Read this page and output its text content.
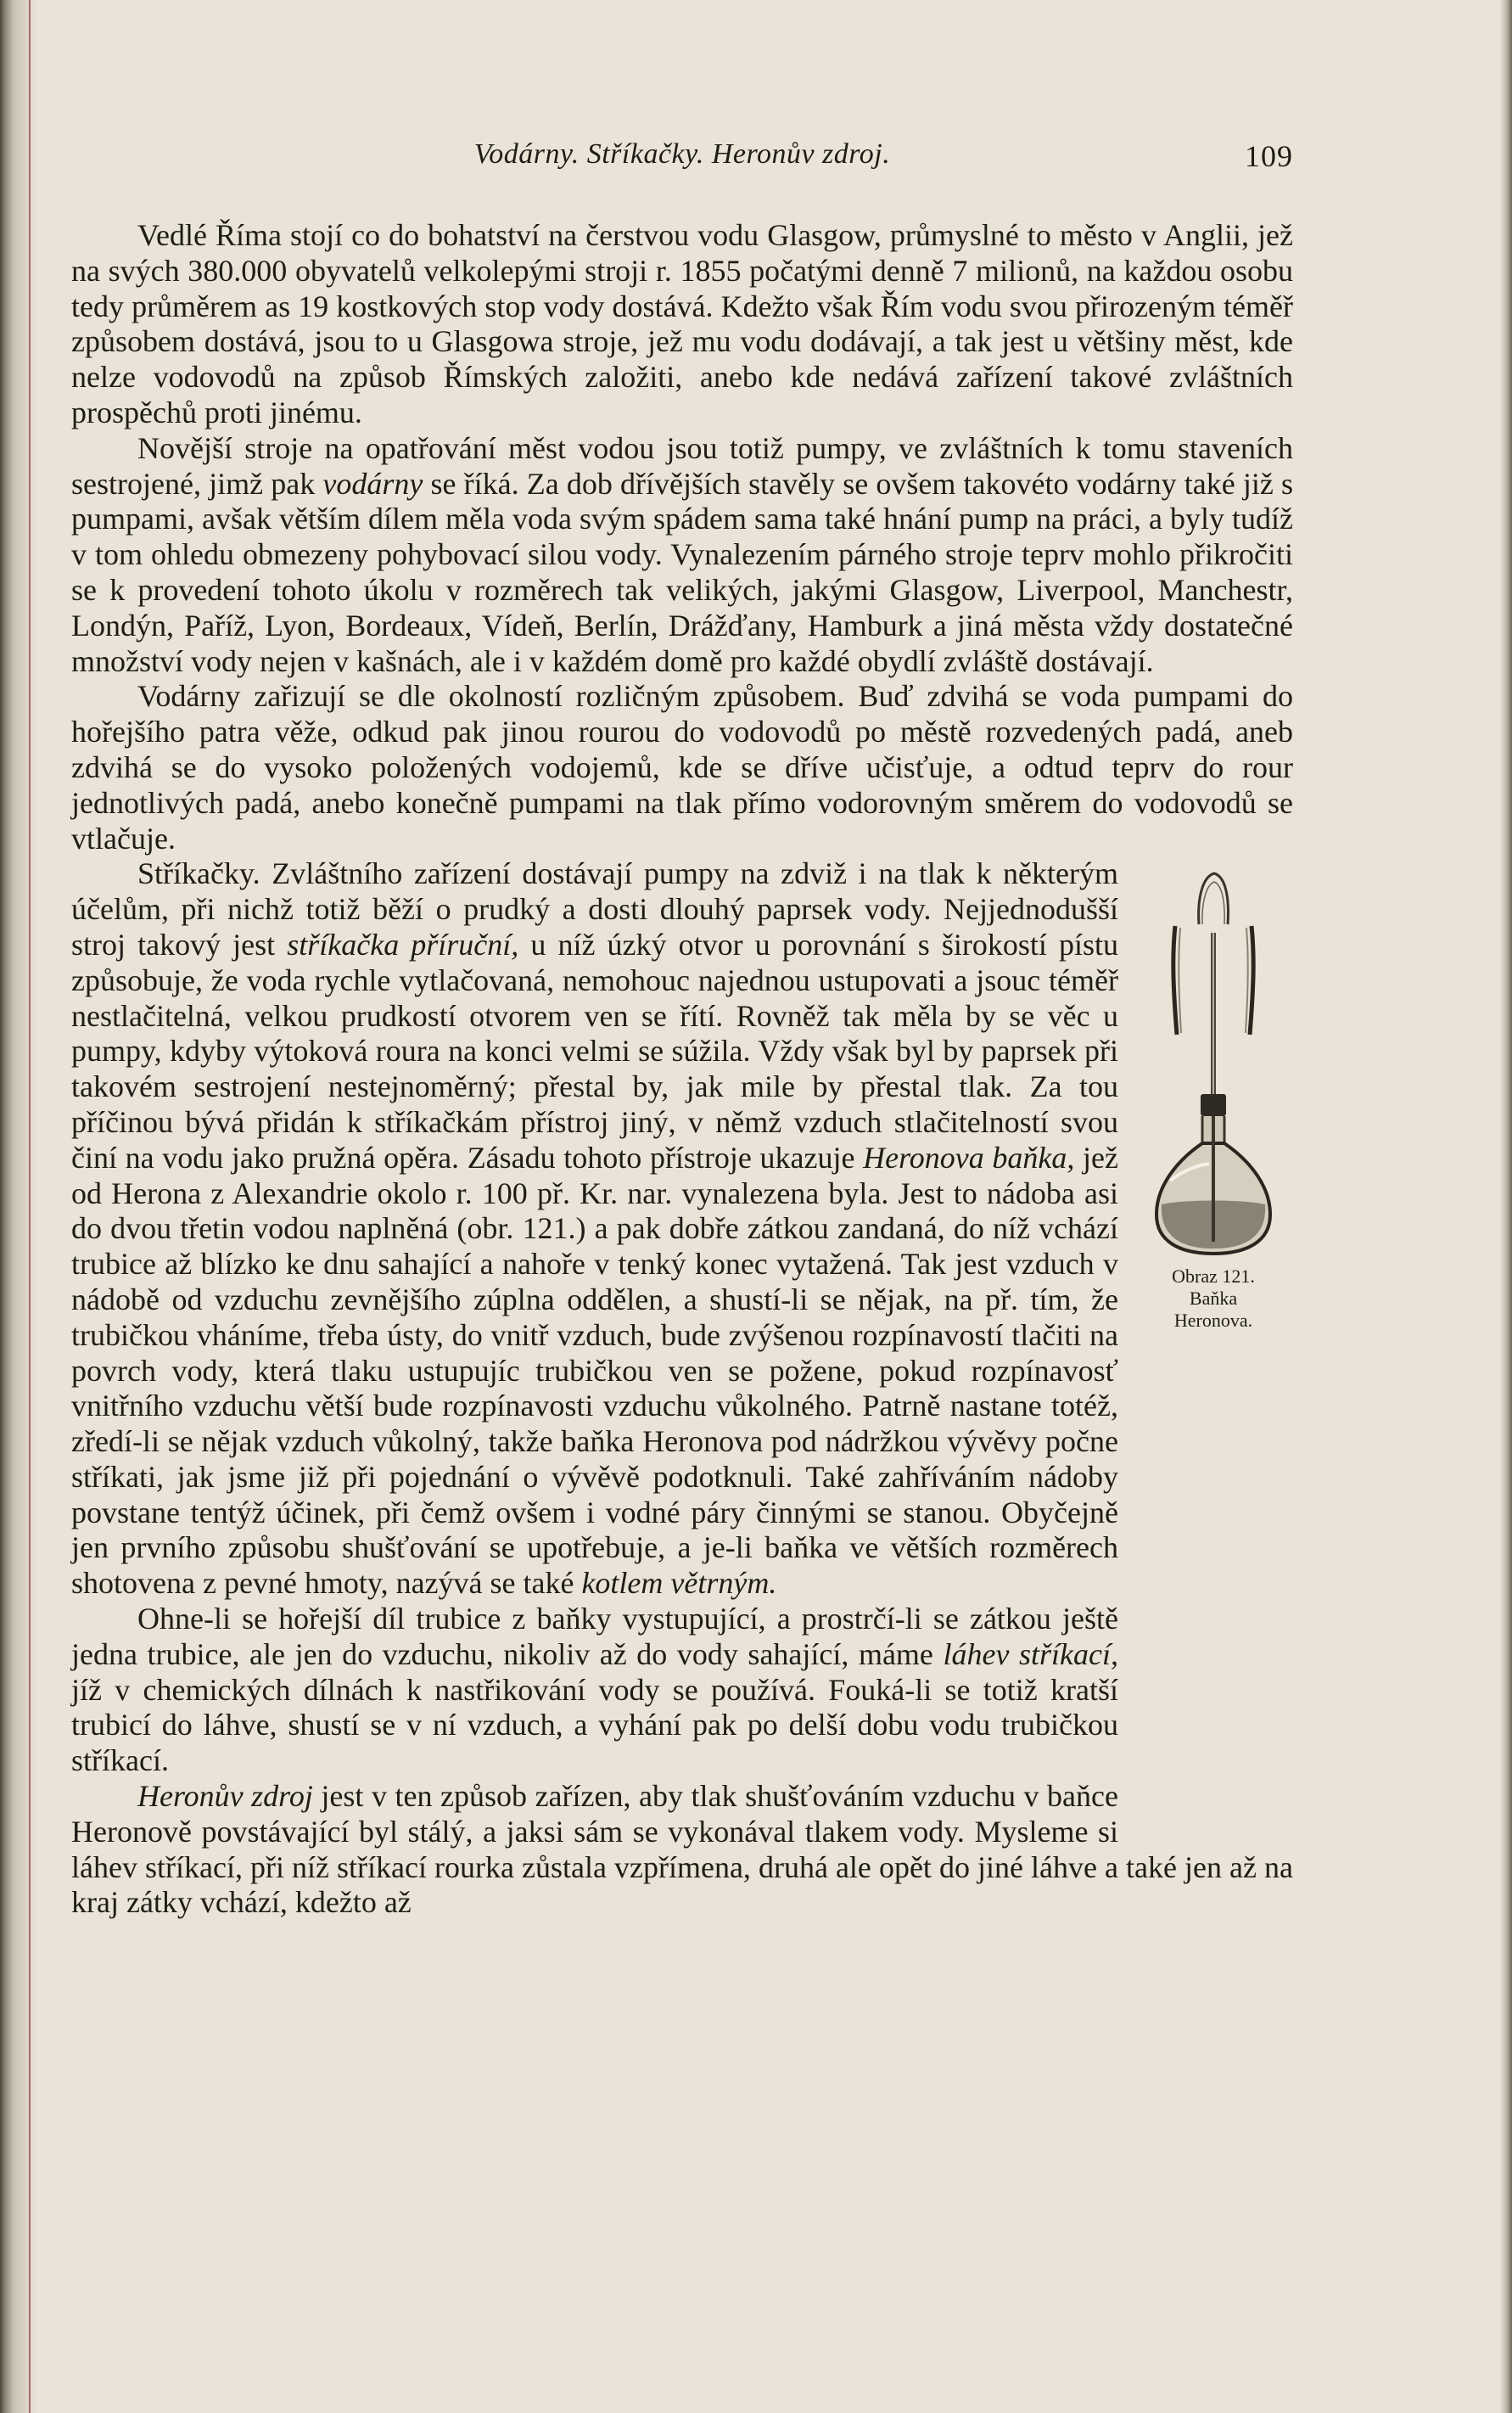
Vodárny. Stříkačky. Heronův zdroj.	109

Vedlé Říma stojí co do bohatství na čerstvou vodu Glasgow, průmyslné to město v Anglii, jež na svých 380.000 obyvatelů velkolepými stroji r. 1855 počatými denně 7 milionů, na každou osobu tedy průměrem as 19 kostkových stop vody dostává. Kdežto však Řím vodu svou přirozeným téměř způsobem dostává, jsou to u Glasgowa stroje, jež mu vodu dodávají, a tak jest u většiny měst, kde nelze vodovodů na způsob Římských založiti, anebo kde nedává zařízení takové zvláštních prospěchů proti jinému.

Novější stroje na opatřování měst vodou jsou totiž pumpy, ve zvláštních k tomu staveních sestrojené, jimž pak vodárny se říká. Za dob dřívějších stavěly se ovšem takovéto vodárny také již s pumpami, avšak větším dílem měla voda svým spádem sama také hnání pump na práci, a byly tudíž v tom ohledu obmezeny pohybovací silou vody. Vynalezením párného stroje teprv mohlo přikročiti se k provedení tohoto úkolu v rozměrech tak velikých, jakými Glasgow, Liverpool, Manchestr, Londýn, Paříž, Lyon, Bordeaux, Vídeň, Berlín, Drážďany, Hamburk a jiná města vždy dostatečné množství vody nejen v kašnách, ale i v každém domě pro každé obydlí zvláště dostávají.

Vodárny zařizují se dle okolností rozličným způsobem. Buď zdvihá se voda pumpami do hořejšího patra věže, odkud pak jinou rourou do vodovodů po městě rozvedených padá, aneb zdvihá se do vysoko položených vodojemů, kde se dříve učisťuje, a odtud teprv do rour jednotlivých padá, anebo konečně pumpami na tlak přímo vodorovným směrem do vodovodů se vtlačuje.

Obraz 121.
Baňka
Heronova.

Stříkačky. Zvláštního zařízení dostávají pumpy na zdviž i na tlak k některým účelům, při nichž totiž běží o prudký a dosti dlouhý paprsek vody. Nejjednodušší stroj takový jest stříkačka příruční, u níž úzký otvor u porovnání s širokostí pístu způsobuje, že voda rychle vytlačovaná, nemohouc najednou ustupovati a jsouc téměř nestlačitelná, velkou prudkostí otvorem ven se řítí. Rovněž tak měla by se věc u pumpy, kdyby výtoková roura na konci velmi se súžila. Vždy však byl by paprsek při takovém sestrojení nestejnoměrný; přestal by, jak mile by přestal tlak. Za tou příčinou bývá přidán k stříkačkám přístroj jiný, v němž vzduch stlačitelností svou činí na vodu jako pružná opěra. Zásadu tohoto přístroje ukazuje Heronova baňka, jež od Herona z Alexandrie okolo r. 100 př. Kr. nar. vynalezena byla. Jest to nádoba asi do dvou třetin vodou naplněná (obr. 121.) a pak dobře zátkou zandaná, do níž vchází trubice až blízko ke dnu sahající a nahoře v tenký konec vytažená. Tak jest vzduch v nádobě od vzduchu zevnějšího zúplna oddělen, a shustí-li se nějak, na př. tím, že trubičkou vháníme, třeba ústy, do vnitř vzduch, bude zvýšenou rozpínavostí tlačiti na povrch vody, která tlaku ustupujíc trubičkou ven se požene, pokud rozpínavosť vnitřního vzduchu větší bude rozpínavosti vzduchu vůkolného. Patrně nastane totéž, zředí-li se nějak vzduch vůkolný, takže baňka Heronova pod nádržkou vývěvy počne stříkati, jak jsme již při pojednání o vývěvě podotknuli. Také zahříváním nádoby povstane tentýž účinek, při čemž ovšem i vodné páry činnými se stanou. Obyčejně jen prvního způsobu shušťování se upotřebuje, a je-li baňka ve větších rozměrech shotovena z pevné hmoty, nazývá se také kotlem větrným.

Ohne-li se hořejší díl trubice z baňky vystupující, a prostrčí-li se zátkou ještě jedna trubice, ale jen do vzduchu, nikoliv až do vody sahající, máme láhev stříkací, jíž v chemických dílnách k nastřikování vody se používá. Fouká-li se totiž kratší trubicí do láhve, shustí se v ní vzduch, a vyhání pak po delší dobu vodu trubičkou stříkací.

Heronův zdroj jest v ten způsob zařízen, aby tlak shušťováním vzduchu v baňce Heronově povstávající byl stálý, a jaksi sám se vykonával tlakem vody. Mysleme si láhev stříkací, při níž stříkací rourka zůstala vzpřímena, druhá ale opět do jiné láhve a také jen až na kraj zátky vchází, kdežto až
